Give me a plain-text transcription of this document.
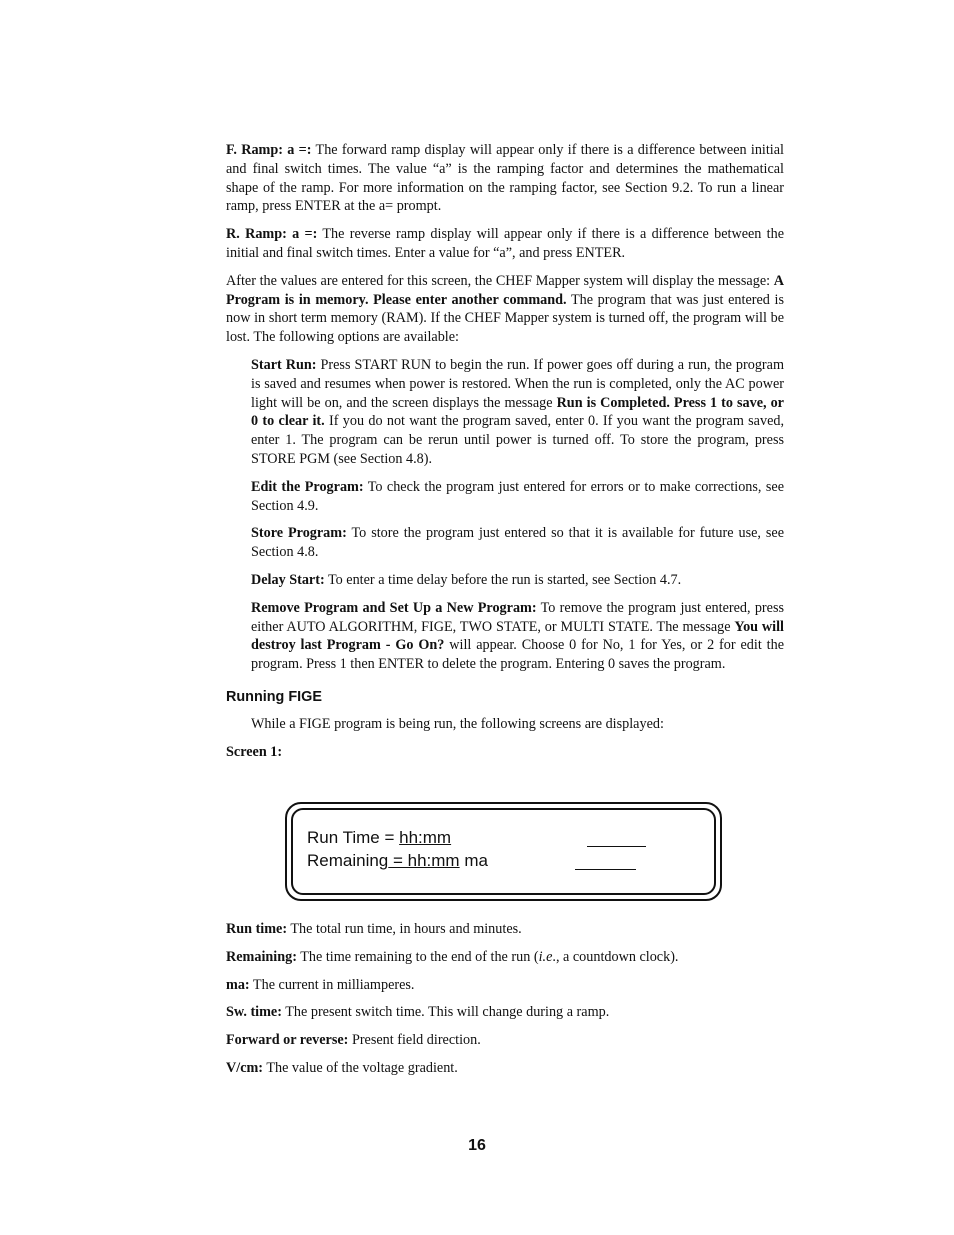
F. Ramp: a =: The forward ramp display will appear only if there is a difference between initial and final switch times. The value “a” is the ramping factor and determines the mathematical shape of the ramp. For more information on the ramping factor, see Section 9.2. To run a linear ramp, press ENTER at the a= prompt.

R. Ramp: a =: The reverse ramp display will appear only if there is a difference between the initial and final switch times. Enter a value for “a”, and press ENTER.

After the values are entered for this screen, the CHEF Mapper system will display the message: A Program is in memory. Please enter another command. The program that was just entered is now in short term memory (RAM). If the CHEF Mapper system is turned off, the program will be lost. The following options are available:

Start Run: Press START RUN to begin the run. If power goes off during a run, the program is saved and resumes when power is restored. When the run is completed, only the AC power light will be on, and the screen displays the message Run is Completed. Press 1 to save, or 0 to clear it. If you do not want the program saved, enter 0. If you want the program saved, enter 1. The program can be rerun until power is turned off. To store the program, press STORE PGM (see Section 4.8).

Edit the Program: To check the program just entered for errors or to make corrections, see Section 4.9.

Store Program: To store the program just entered so that it is available for future use, see Section 4.8.

Delay Start: To enter a time delay before the run is started, see Section 4.7.

Remove Program and Set Up a New Program: To remove the program just entered, press either AUTO ALGORITHM, FIGE, TWO STATE, or MULTI STATE. The message You will destroy last Program - Go On? will appear. Choose 0 for No, 1 for Yes, or 2 for edit the program. Press 1 then ENTER to delete the program. Entering 0 saves the program.

Running FIGE

While a FIGE program is being run, the following screens are displayed:

Screen 1:

Run Time = hh:mm
Remaining = hh:mm ma

Run time: The total run time, in hours and minutes.

Remaining: The time remaining to the end of the run (i.e., a countdown clock).

ma: The current in milliamperes.

Sw. time: The present switch time. This will change during a ramp.

Forward or reverse: Present field direction.

V/cm: The value of the voltage gradient.

16
